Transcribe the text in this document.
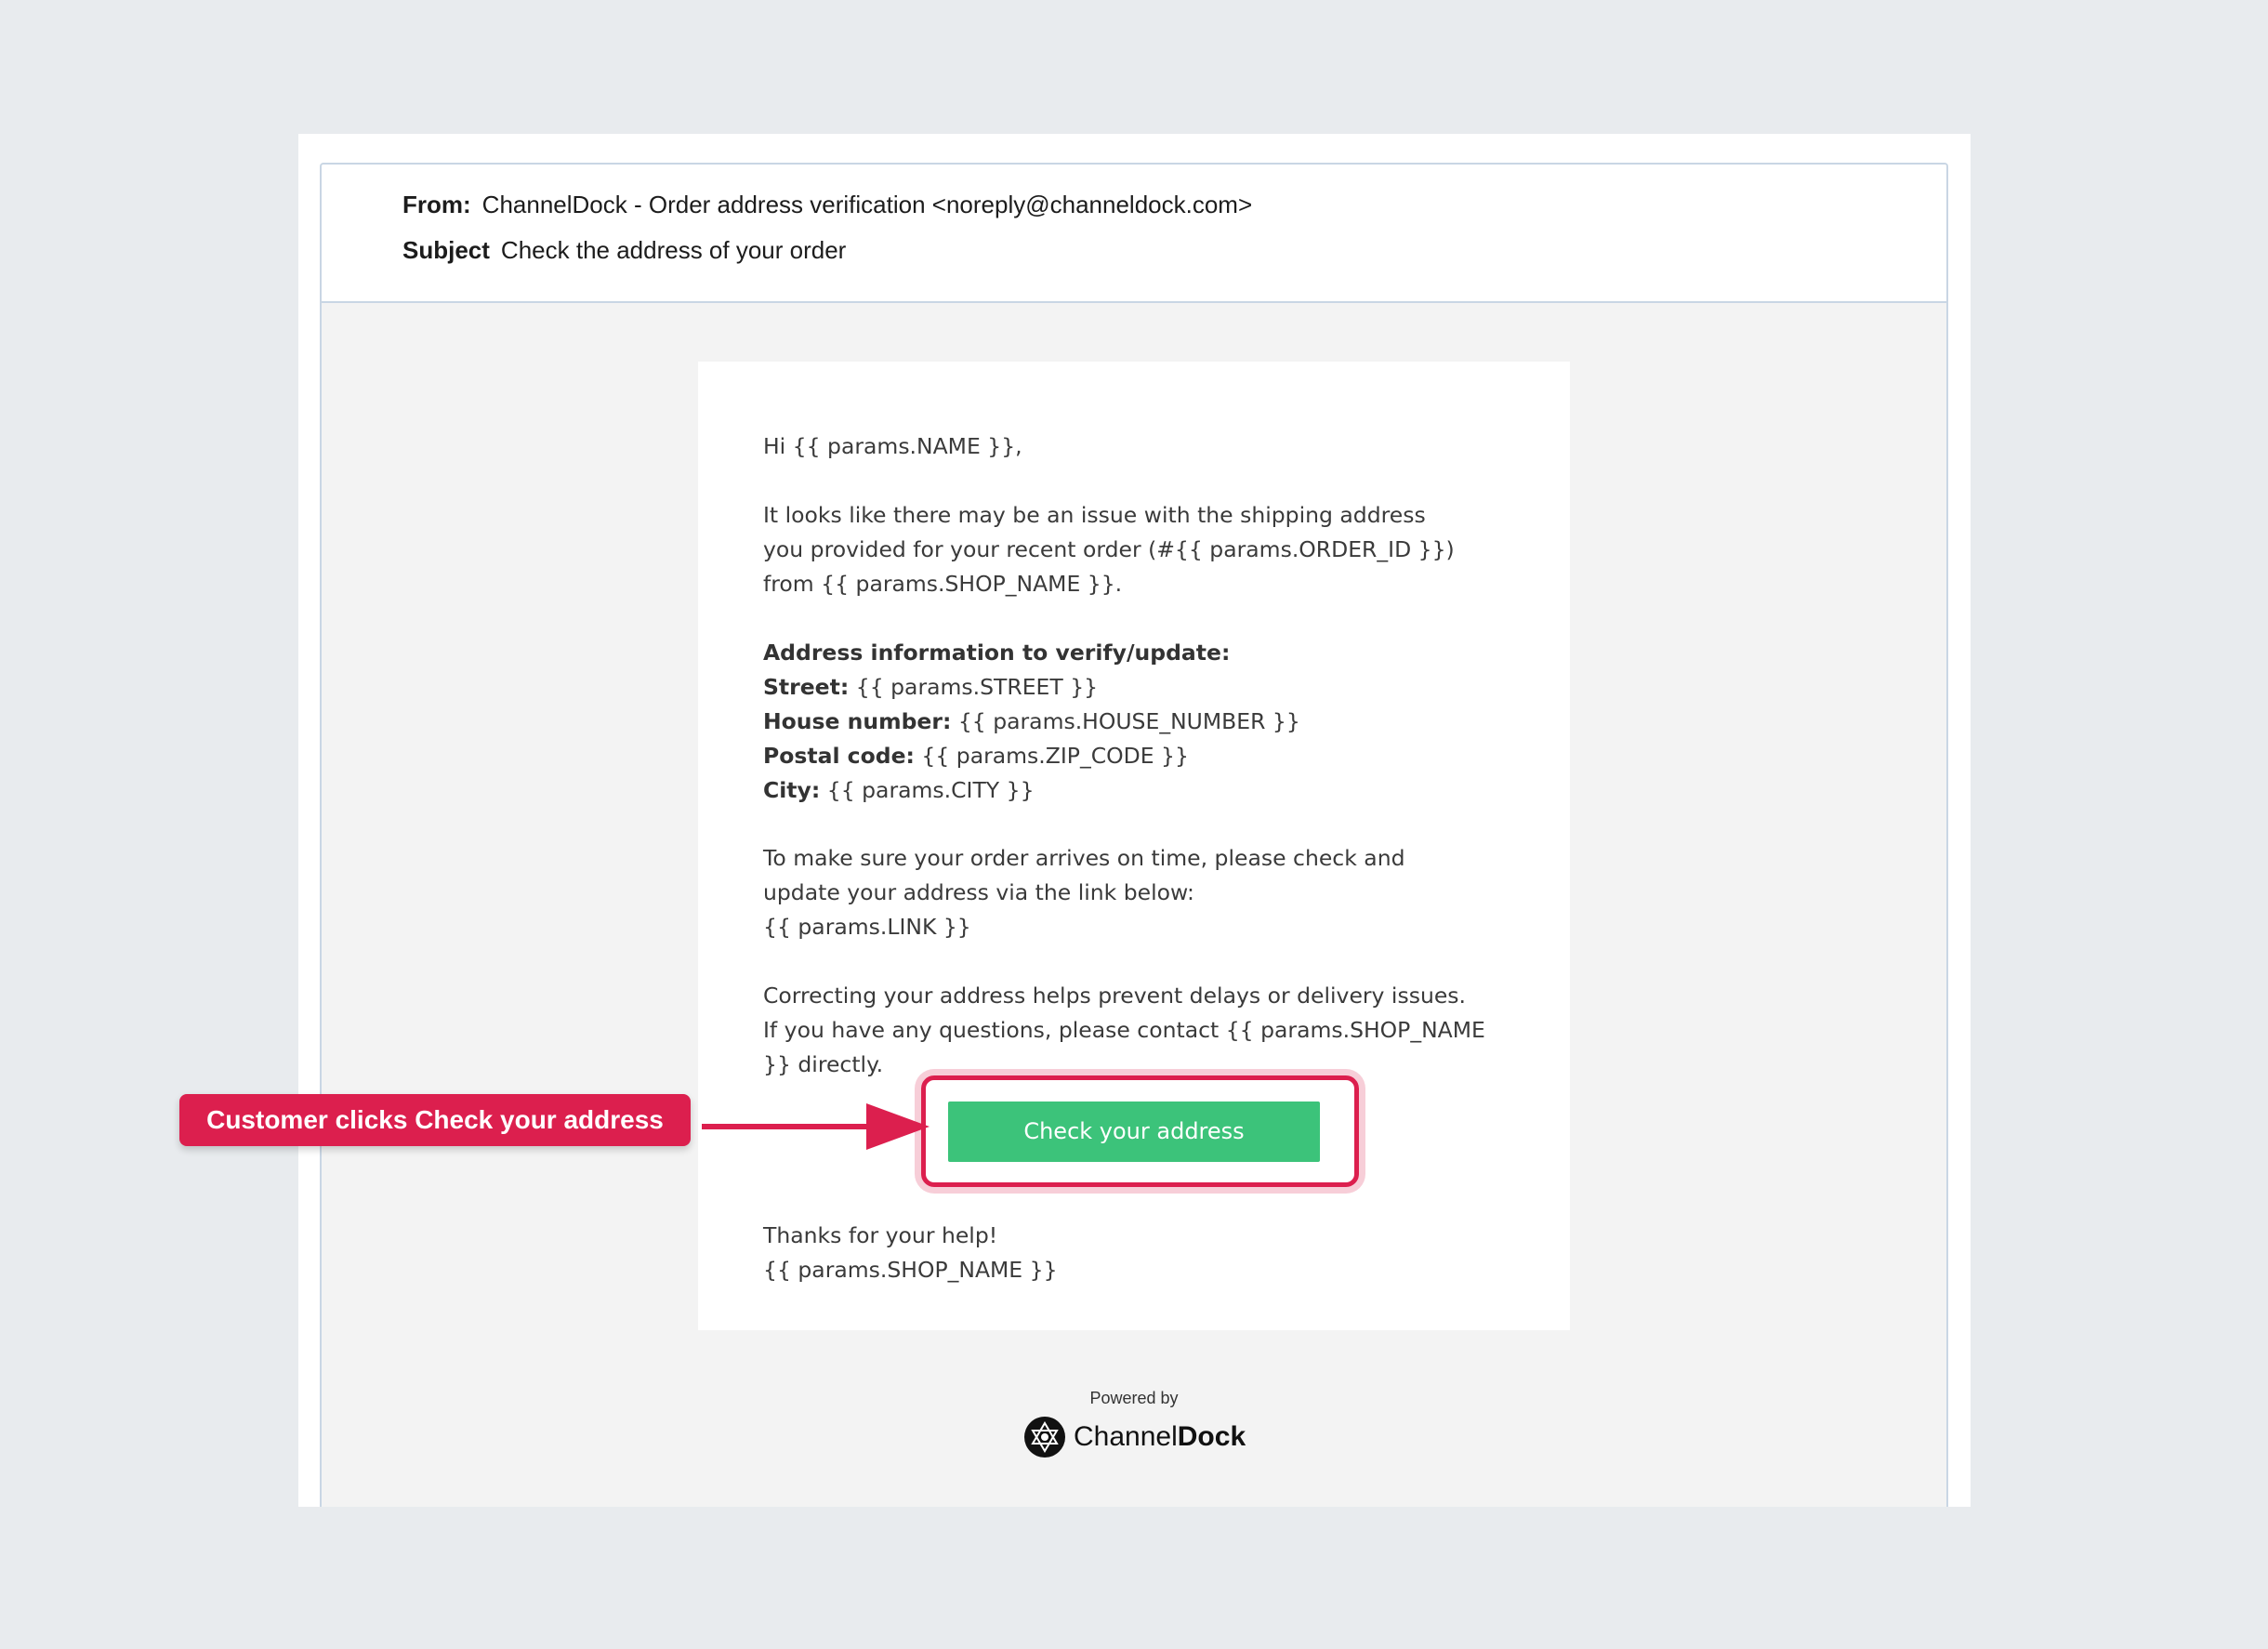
From: ChannelDock - Order address verification <noreply@channeldock.com>
Subject Check the address of your order

Hi {{ params.NAME }},

It looks like there may be an issue with the shipping address

you provided for your recent order (#{{ params.ORDER_ID }})

from {{ params.SHOP_NAME }}.

Address information to verify/update:

Street: {{ params.STREET }}

House number: {{ params.HOUSE_NUMBER }}

Postal code: {{ params.ZIP_CODE }}

City: {{ params.CITY }}

To make sure your order arrives on time, please check and

update your address via the link below:

{{ params.LINK }}

Correcting your address helps prevent delays or delivery issues.

If you have any questions, please contact {{ params.SHOP_NAME

}} directly.

Check your address

Thanks for your help!

{{ params.SHOP_NAME }}

Customer clicks Check your address
Powered by
ChannelDock
